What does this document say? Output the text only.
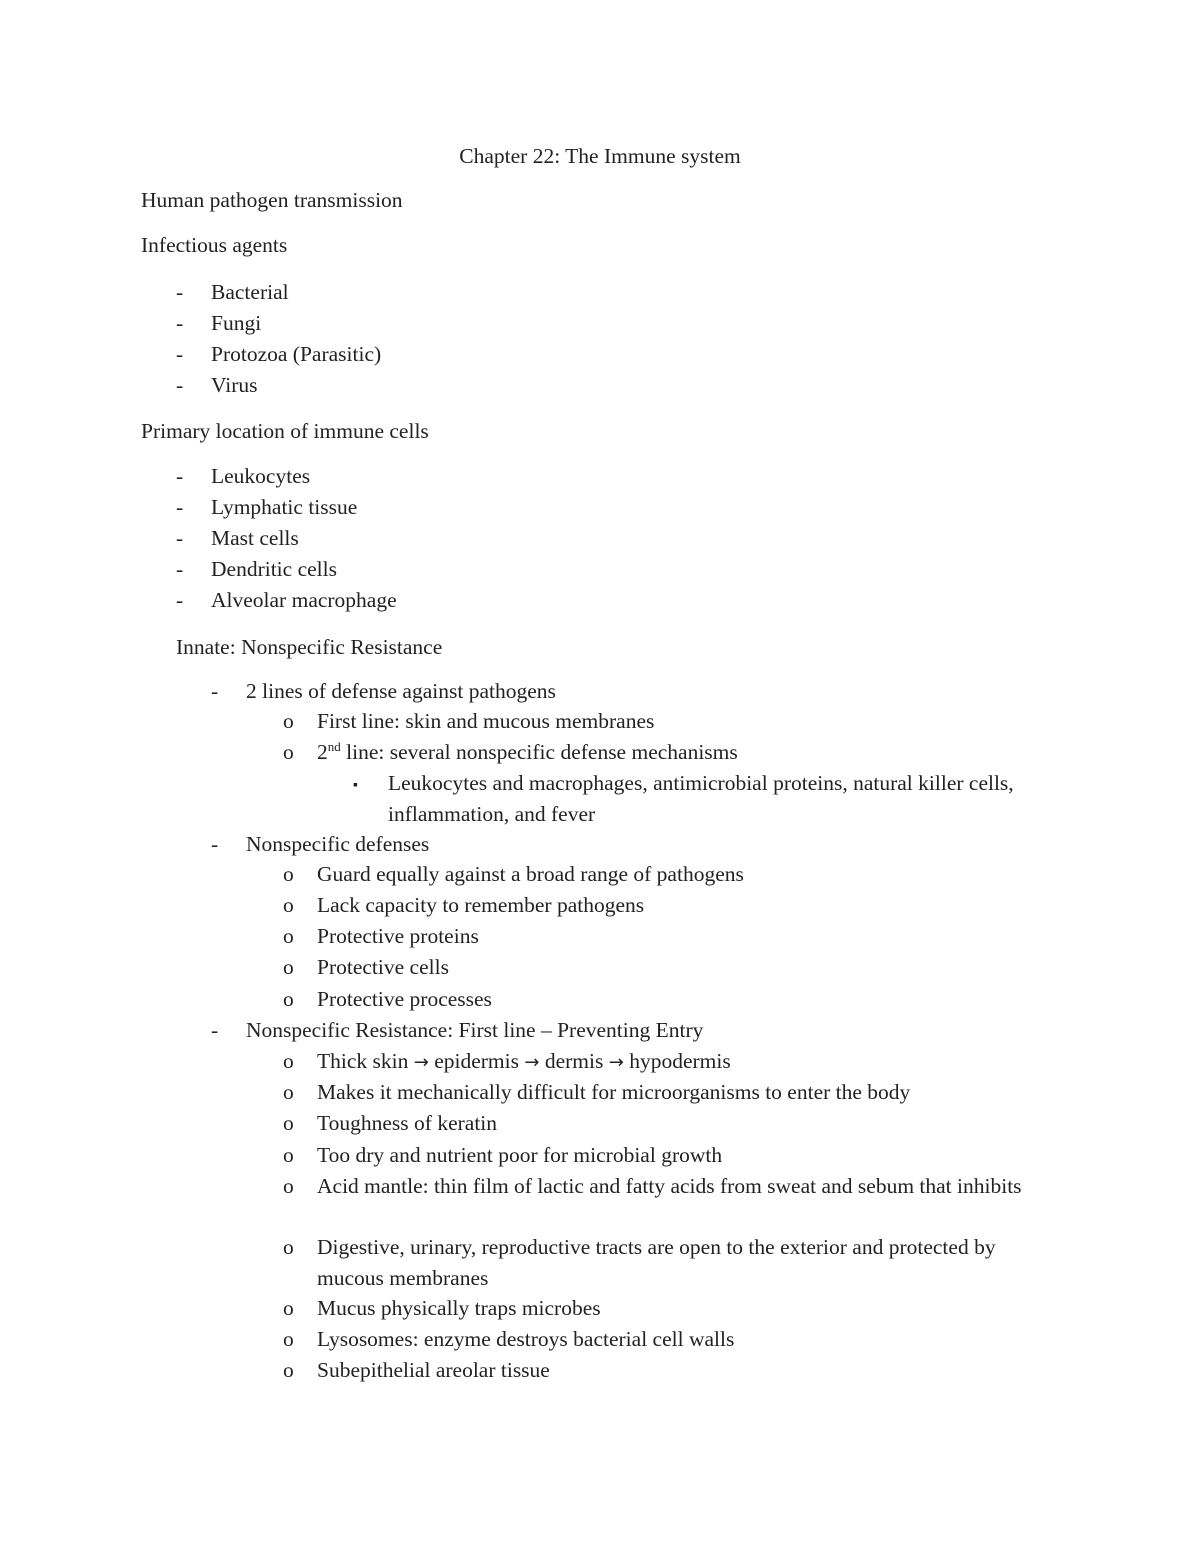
Chapter 22: The Immune system
Human pathogen transmission
Infectious agents
- Bacterial
- Fungi
- Protozoa (Parasitic)
- Virus
Primary location of immune cells
- Leukocytes
- Lymphatic tissue
- Mast cells
- Dendritic cells
- Alveolar macrophage
Innate: Nonspecific Resistance
- 2 lines of defense against pathogens
o First line: skin and mucous membranes
o 2nd line: several nonspecific defense mechanisms
▪ Leukocytes and macrophages, antimicrobial proteins, natural killer cells, inflammation, and fever
- Nonspecific defenses
o Guard equally against a broad range of pathogens
o Lack capacity to remember pathogens
o Protective proteins
o Protective cells
o Protective processes
- Nonspecific Resistance: First line – Preventing Entry
o Thick skin → epidermis → dermis → hypodermis
o Makes it mechanically difficult for microorganisms to enter the body
o Toughness of keratin
o Too dry and nutrient poor for microbial growth
o Acid mantle: thin film of lactic and fatty acids from sweat and sebum that inhibits
o Digestive, urinary, reproductive tracts are open to the exterior and protected by mucous membranes
o Mucus physically traps microbes
o Lysosomes: enzyme destroys bacterial cell walls
o Subepithelial areolar tissue
